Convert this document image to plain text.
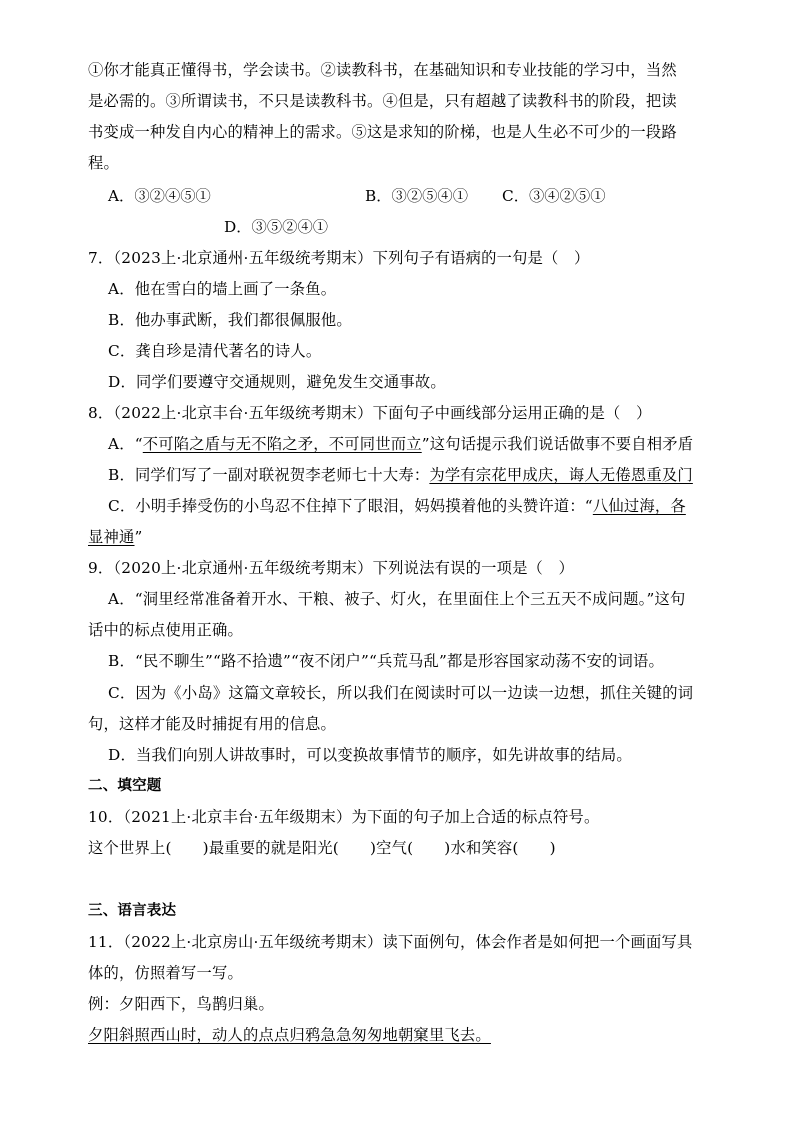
①你才能真正懂得书，学会读书。②读教科书，在基础知识和专业技能的学习中，当然
是必需的。③所谓读书，不只是读教科书。④但是，只有超越了读教科书的阶段，把读
书变成一种发自内心的精神上的需求。⑤这是求知的阶梯，也是人生必不可少的一段路
程。
A．③②④⑤①	B．③②⑤④① C．③④②⑤①
D．③⑤②④①
7．（2023上·北京通州·五年级统考期末）下列句子有语病的一句是（　）
A．他在雪白的墙上画了一条鱼。
B．他办事武断，我们都很佩服他。
C．龚自珍是清代著名的诗人。
D．同学们要遵守交通规则，避免发生交通事故。
8．（2022上·北京丰台·五年级统考期末）下面句子中画线部分运用正确的是（　）
A．“不可陷之盾与无不陷之矛，不可同世而立”这句话提示我们说话做事不要自相矛盾
B．同学们写了一副对联祝贺李老师七十大寿：为学有宗花甲成庆，诲人无倦恩重及门
C．小明手捧受伤的小鸟忍不住掉下了眼泪，妈妈摸着他的头赞许道：“八仙过海，各
显神通”
9．（2020上·北京通州·五年级统考期末）下列说法有误的一项是（　）
A．“洞里经常准备着开水、干粮、被子、灯火，在里面住上个三五天不成问题。”这句
话中的标点使用正确。
B．“民不聊生”“路不拾遗”“夜不闭户”“兵荒马乱”都是形容国家动荡不安的词语。
C．因为《小岛》这篇文章较长，所以我们在阅读时可以一边读一边想，抓住关键的词
句，这样才能及时捕捉有用的信息。
D．当我们向别人讲故事时，可以变换故事情节的顺序，如先讲故事的结局。
二、填空题
10．（2021上·北京丰台·五年级期末）为下面的句子加上合适的标点符号。
这个世界上(　　)最重要的就是阳光(　　)空气(　　)水和笑容(　　)
三、语言表达
11．（2022上·北京房山·五年级统考期末）读下面例句，体会作者是如何把一个画面写具
体的，仿照着写一写。
例：夕阳西下，鸟鹊归巢。
夕阳斜照西山时，动人的点点归鸦急急匆匆地朝窠里飞去。
